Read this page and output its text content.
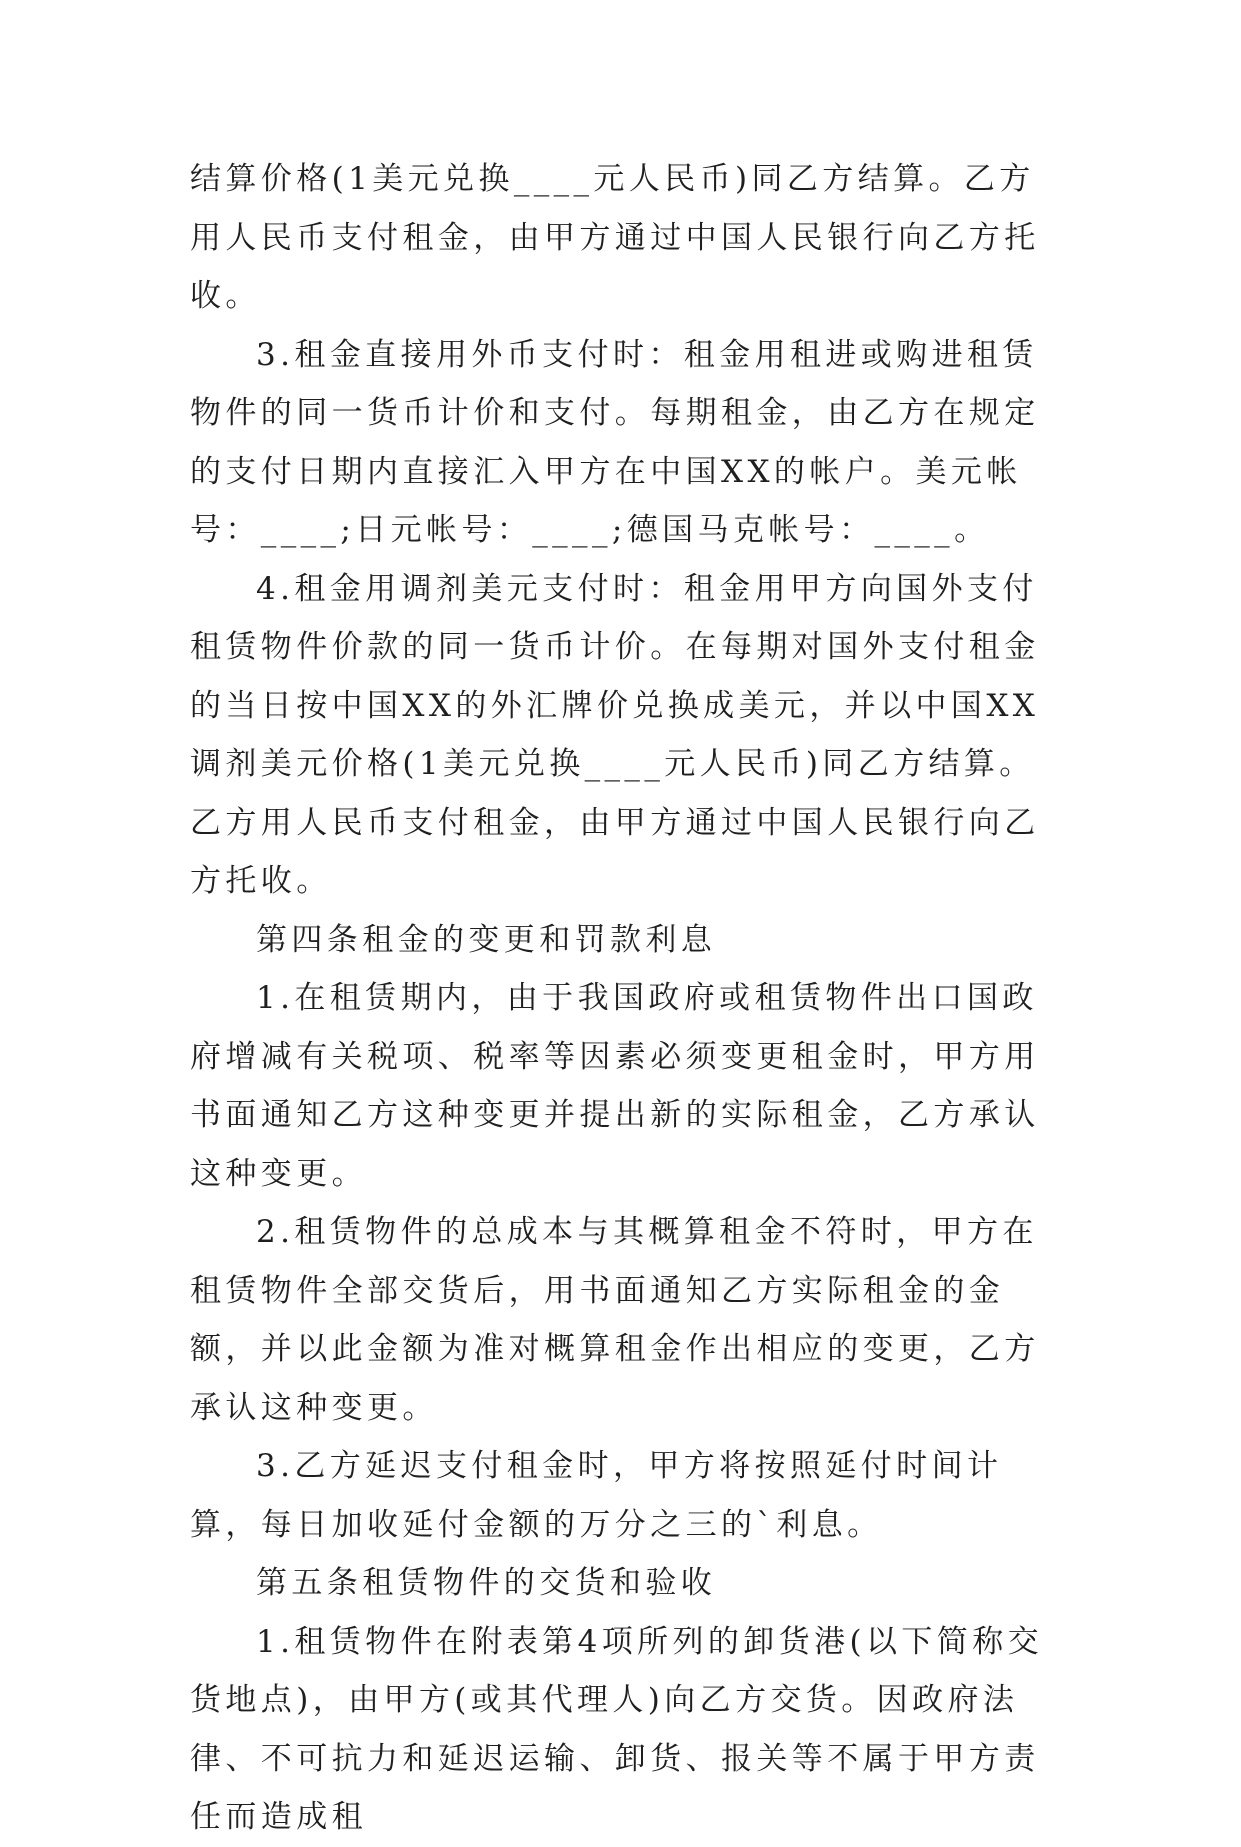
结算价格(1美元兑换____元人民币)同乙方结算。乙方用人民币支付租金，由甲方通过中国人民银行向乙方托收。

3.租金直接用外币支付时：租金用租进或购进租赁物件的同一货币计价和支付。每期租金，由乙方在规定的支付日期内直接汇入甲方在中国XX的帐户。美元帐号：____;日元帐号：____;德国马克帐号：____。

4.租金用调剂美元支付时：租金用甲方向国外支付租赁物件价款的同一货币计价。在每期对国外支付租金的当日按中国XX的外汇牌价兑换成美元，并以中国XX调剂美元价格(1美元兑换____元人民币)同乙方结算。乙方用人民币支付租金，由甲方通过中国人民银行向乙方托收。

第四条租金的变更和罚款利息

1.在租赁期内，由于我国政府或租赁物件出口国政府增减有关税项、税率等因素必须变更租金时，甲方用书面通知乙方这种变更并提出新的实际租金，乙方承认这种变更。

2.租赁物件的总成本与其概算租金不符时，甲方在租赁物件全部交货后，用书面通知乙方实际租金的金额，并以此金额为准对概算租金作出相应的变更，乙方承认这种变更。

3.乙方延迟支付租金时，甲方将按照延付时间计算，每日加收延付金额的万分之三的`利息。

第五条租赁物件的交货和验收

1.租赁物件在附表第4项所列的卸货港(以下简称交货地点)，由甲方(或其代理人)向乙方交货。因政府法律、不可抗力和延迟运输、卸货、报关等不属于甲方责任而造成租
